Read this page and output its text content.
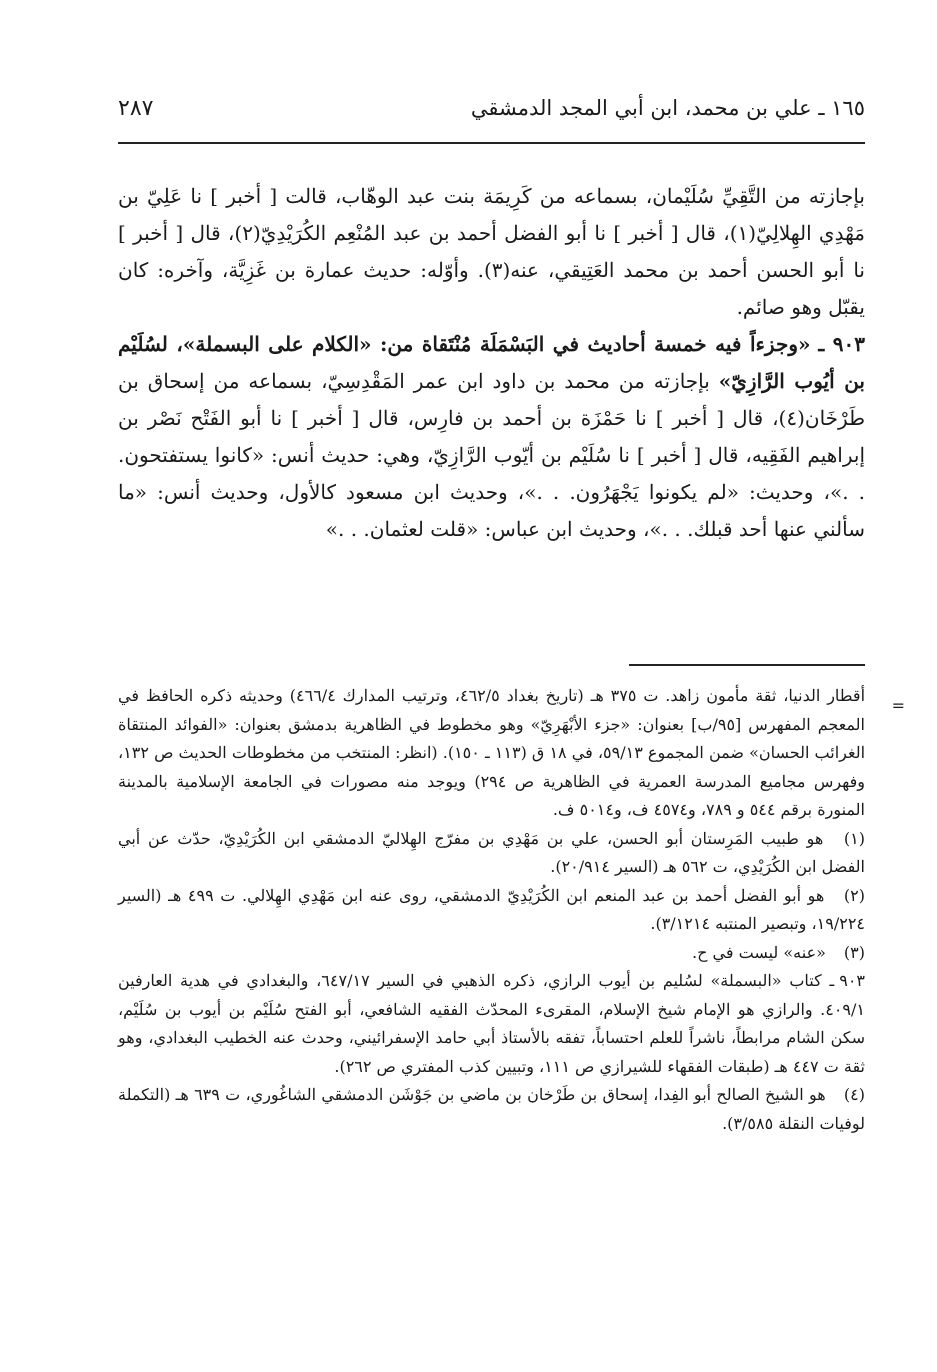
١٦٥ ـ علي بن محمد، ابن أبي المجد الدمشقي
٢٨٧

بإجازته من التَّقِيِّ سُلَيْمان، بسماعه من كَرِيمَة بنت عبد الوهّاب، قالت [ أخبر ] نا عَلِيّ بن مَهْدِي الهِلالِيّ(١)، قال [ أخبر ] نا أبو الفضل أحمد بن عبد المُنْعِم الكُرَيْدِيّ(٢)، قال [ أخبر ] نا أبو الحسن أحمد بن محمد العَتِيقي، عنه(٣). وأوّله: حديث عمارة بن غَزِيَّة، وآخره: كان يقبّل وهو صائم.

٩٠٣ ـ «وجزءاً فيه خمسة أحاديث في البَسْمَلَة مُنْتَقاة من: «الكلام على البسملة»، لسُلَيْم بن أيُوب الرَّازِيّ» بإجازته من محمد بن داود ابن عمر المَقْدِسِيّ، بسماعه من إسحاق بن طَرْخَان(٤)، قال [ أخبر ] نا حَمْزَة بن أحمد بن فارِس، قال [ أخبر ] نا أبو الفَتْح نَصْر بن إبراهيم الفَقِيه، قال [ أخبر ] نا سُلَيْم بن أيّوب الرَّازِيّ، وهي: حديث أنس: «كانوا يستفتحون. . .»، وحديث: «لم يكونوا يَجْهَرُون. . .»، وحديث ابن مسعود كالأول، وحديث أنس: «ما سألني عنها أحد قبلك. . .»، وحديث ابن عباس: «قلت لعثمان. . .»

=
أقطار الدنيا، ثقة مأمون زاهد. ت ٣٧٥ هـ (تاريخ بغداد ٤٦٢/٥، وترتيب المدارك ٤٦٦/٤) وحديثه ذكره الحافظ في المعجم المفهرس [٩٥/ب] بعنوان: «جزء الأبْهَرِيّ» وهو مخطوط في الظاهرية بدمشق بعنوان: «الفوائد المنتقاة الغرائب الحسان» ضمن المجموع ٥٩/١٣، في ١٨ ق (١١٣ ـ ١٥٠). (انظر: المنتخب من مخطوطات الحديث ص ١٣٢، وفهرس مجاميع المدرسة العمرية في الظاهرية ص ٢٩٤) ويوجد منه مصورات في الجامعة الإسلامية بالمدينة المنورة برقم ٥٤٤ و ٧٨٩، و٤٥٧٤ ف، و٥٠١٤ ف.

(١) هو طبيب المَرِستان أبو الحسن، علي بن مَهْدِي بن مفرّج الهِلاليّ الدمشقي ابن الكُرَيْدِيّ، حدّث عن أبي الفضل ابن الكُرَيْدِي، ت ٥٦٢ هـ (السير ٢٠/٩١٤).

(٢) هو أبو الفضل أحمد بن عبد المنعم ابن الكُرَيْدِيّ الدمشقي، روى عنه ابن مَهْدِي الهِلالي. ت ٤٩٩ هـ (السير ١٩/٢٢٤، وتبصير المنتبه ٣/١٢١٤).

(٣) «عنه» ليست في ح.

٩٠٣ ـ كتاب «البسملة» لسُليم بن أيوب الرازي، ذكره الذهبي في السير ٦٤٧/١٧، والبغدادي في هدية العارفين ٤٠٩/١. والرازي هو الإمام شيخ الإسلام، المقرىء المحدّث الفقيه الشافعي، أبو الفتح سُلَيْم بن أيوب بن سُلَيْم، سكن الشام مرابطاً، ناشراً للعلم احتساباً، تفقه بالأستاذ أبي حامد الإسفرائيني، وحدث عنه الخطيب البغدادي، وهو ثقة ت ٤٤٧ هـ (طبقات الفقهاء للشيرازي ص ١١١، وتبيين كذب المفتري ص ٢٦٢).

(٤) هو الشيخ الصالح أبو الفِدا، إسحاق بن طَرْخان بن ماضي بن جَوْشَن الدمشقي الشاغُوري، ت ٦٣٩ هـ (التكملة لوفيات النقلة ٣/٥٨٥).
